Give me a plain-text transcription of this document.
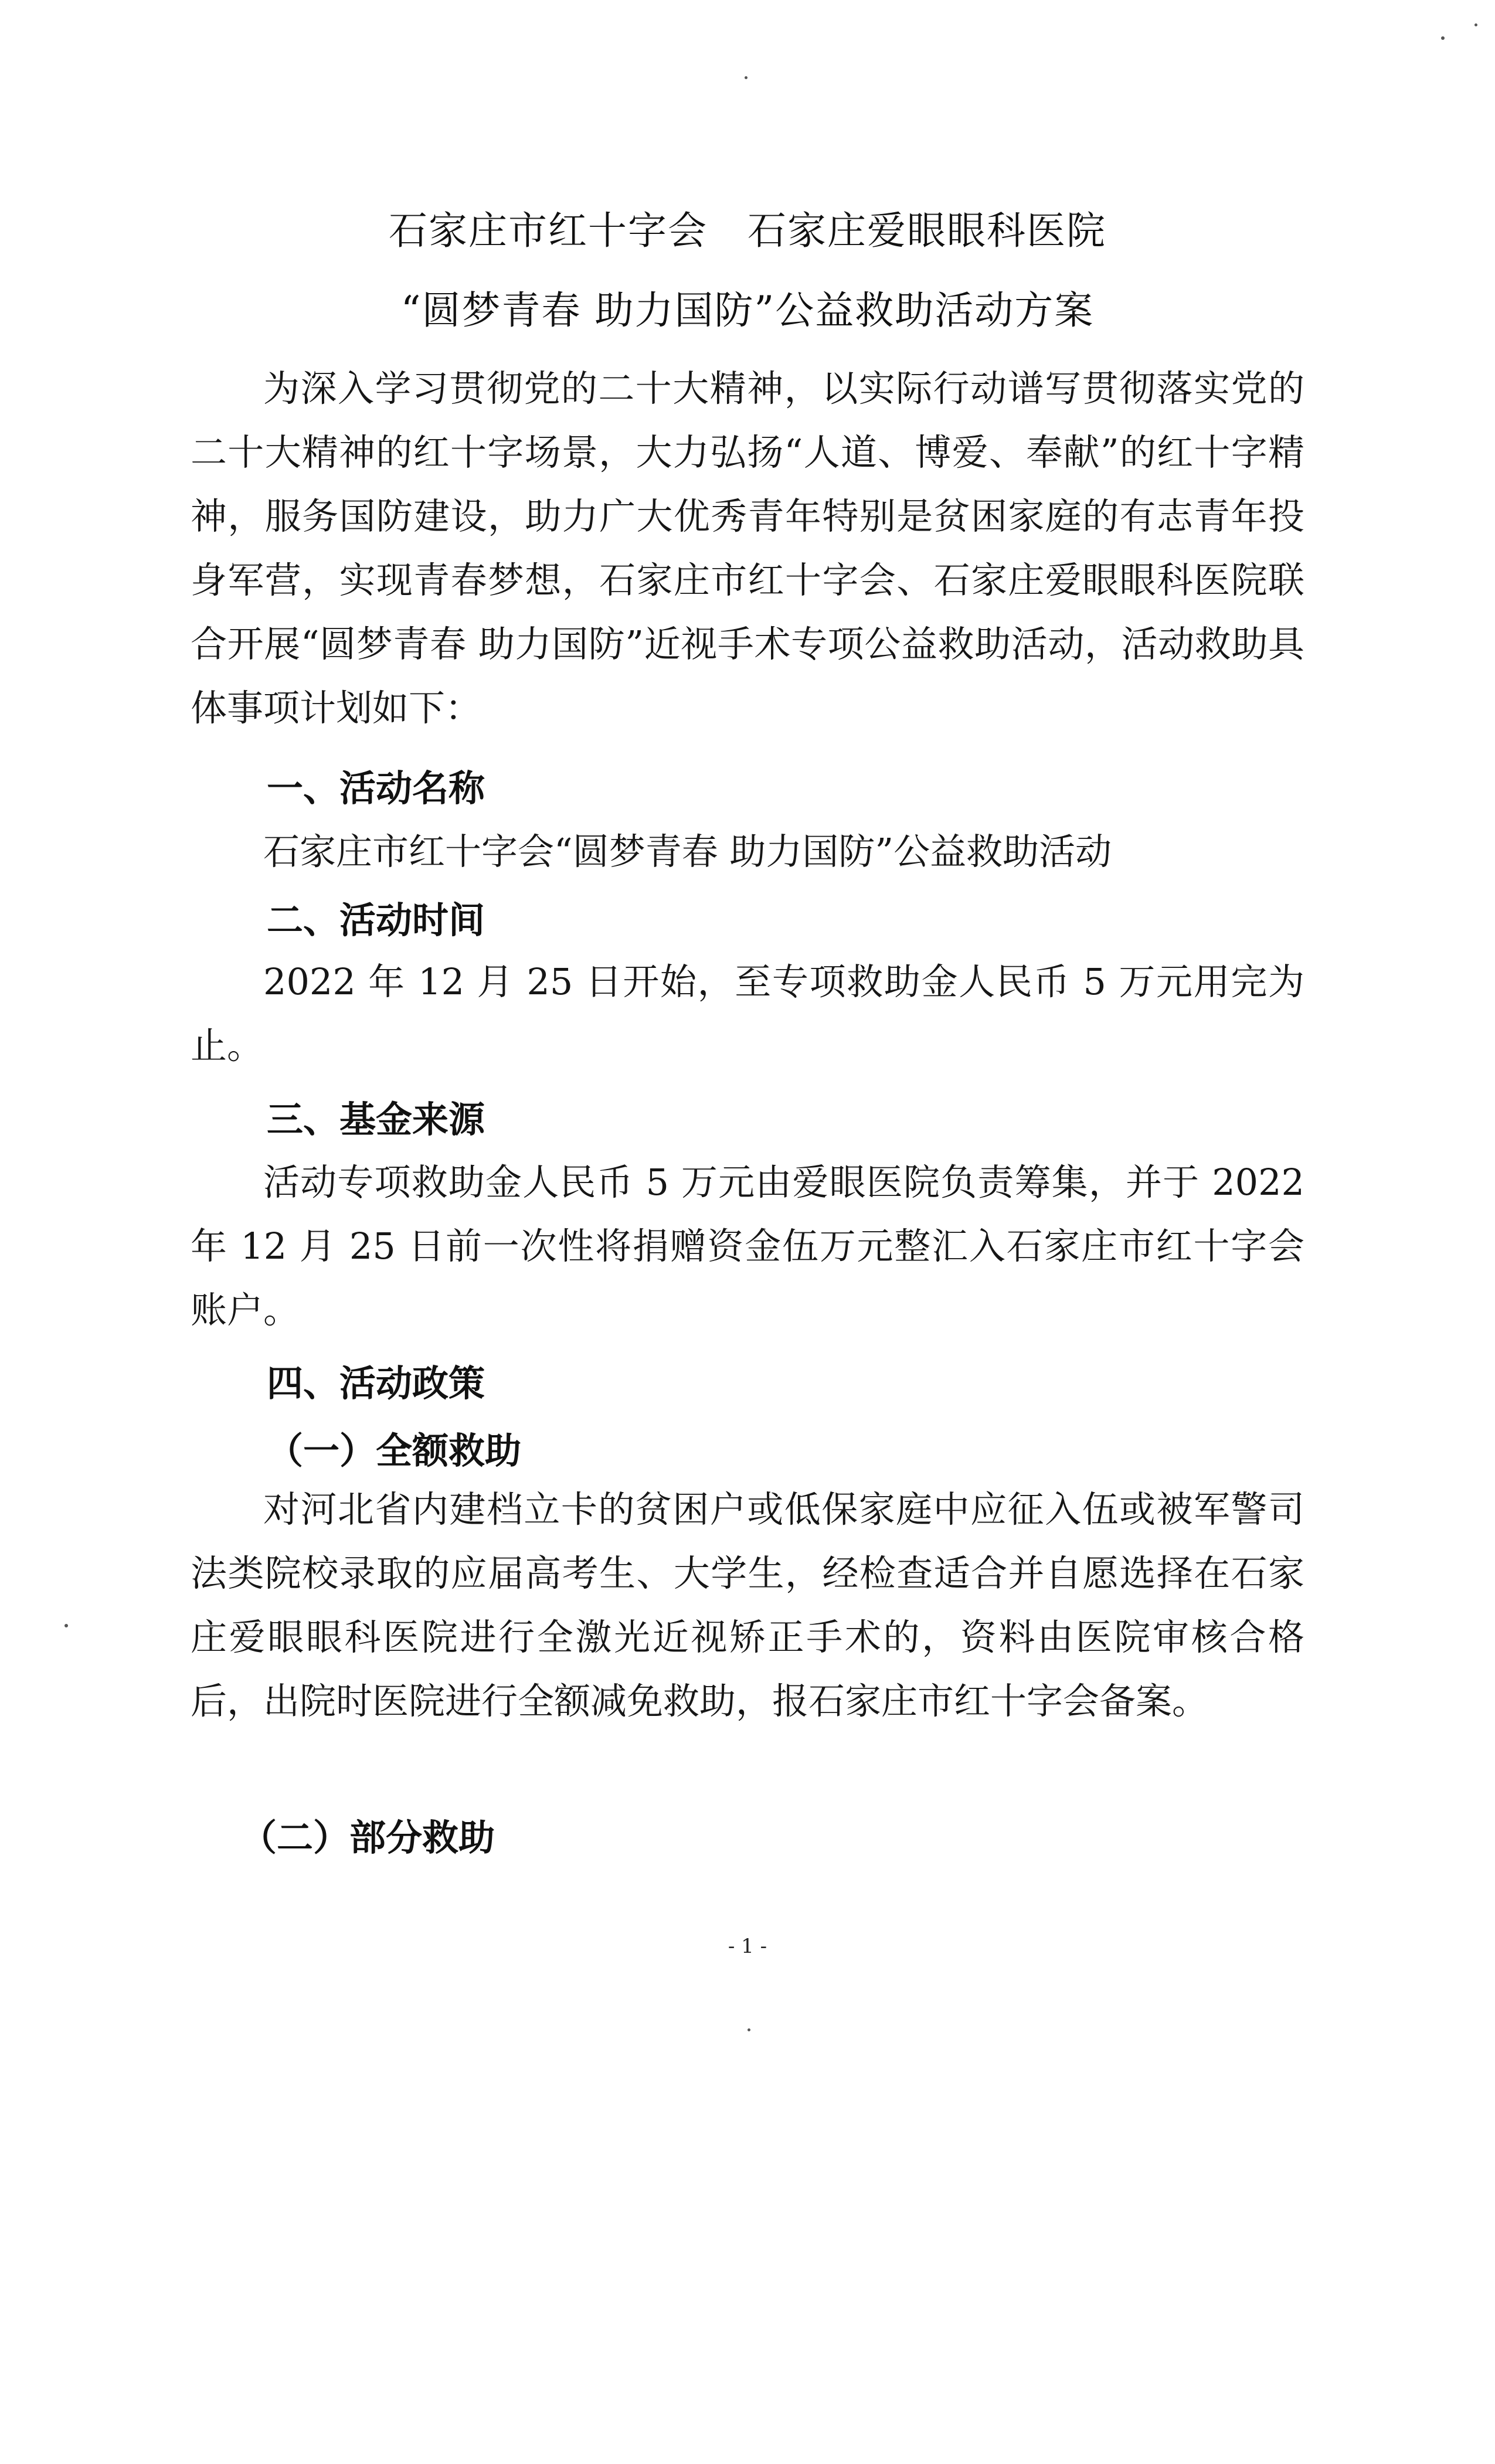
石家庄市红十字会　石家庄爱眼眼科医院
“圆梦青春 助力国防”公益救助活动方案
为深入学习贯彻党的二十大精神，以实际行动谱写贯彻落实党的二十大精神的红十字场景，大力弘扬“人道、博爱、奉献”的红十字精神，服务国防建设，助力广大优秀青年特别是贫困家庭的有志青年投身军营，实现青春梦想，石家庄市红十字会、石家庄爱眼眼科医院联合开展“圆梦青春 助力国防”近视手术专项公益救助活动，活动救助具体事项计划如下：
一、活动名称
石家庄市红十字会“圆梦青春 助力国防”公益救助活动
二、活动时间
2022 年 12 月 25 日开始，至专项救助金人民币 5 万元用完为止。
三、基金来源
活动专项救助金人民币 5 万元由爱眼医院负责筹集，并于 2022 年 12 月 25 日前一次性将捐赠资金伍万元整汇入石家庄市红十字会账户。
四、活动政策
（一）全额救助
对河北省内建档立卡的贫困户或低保家庭中应征入伍或被军警司法类院校录取的应届高考生、大学生，经检查适合并自愿选择在石家庄爱眼眼科医院进行全激光近视矫正手术的，资料由医院审核合格后，出院时医院进行全额减免救助，报石家庄市红十字会备案。
（二）部分救助
- 1 -
